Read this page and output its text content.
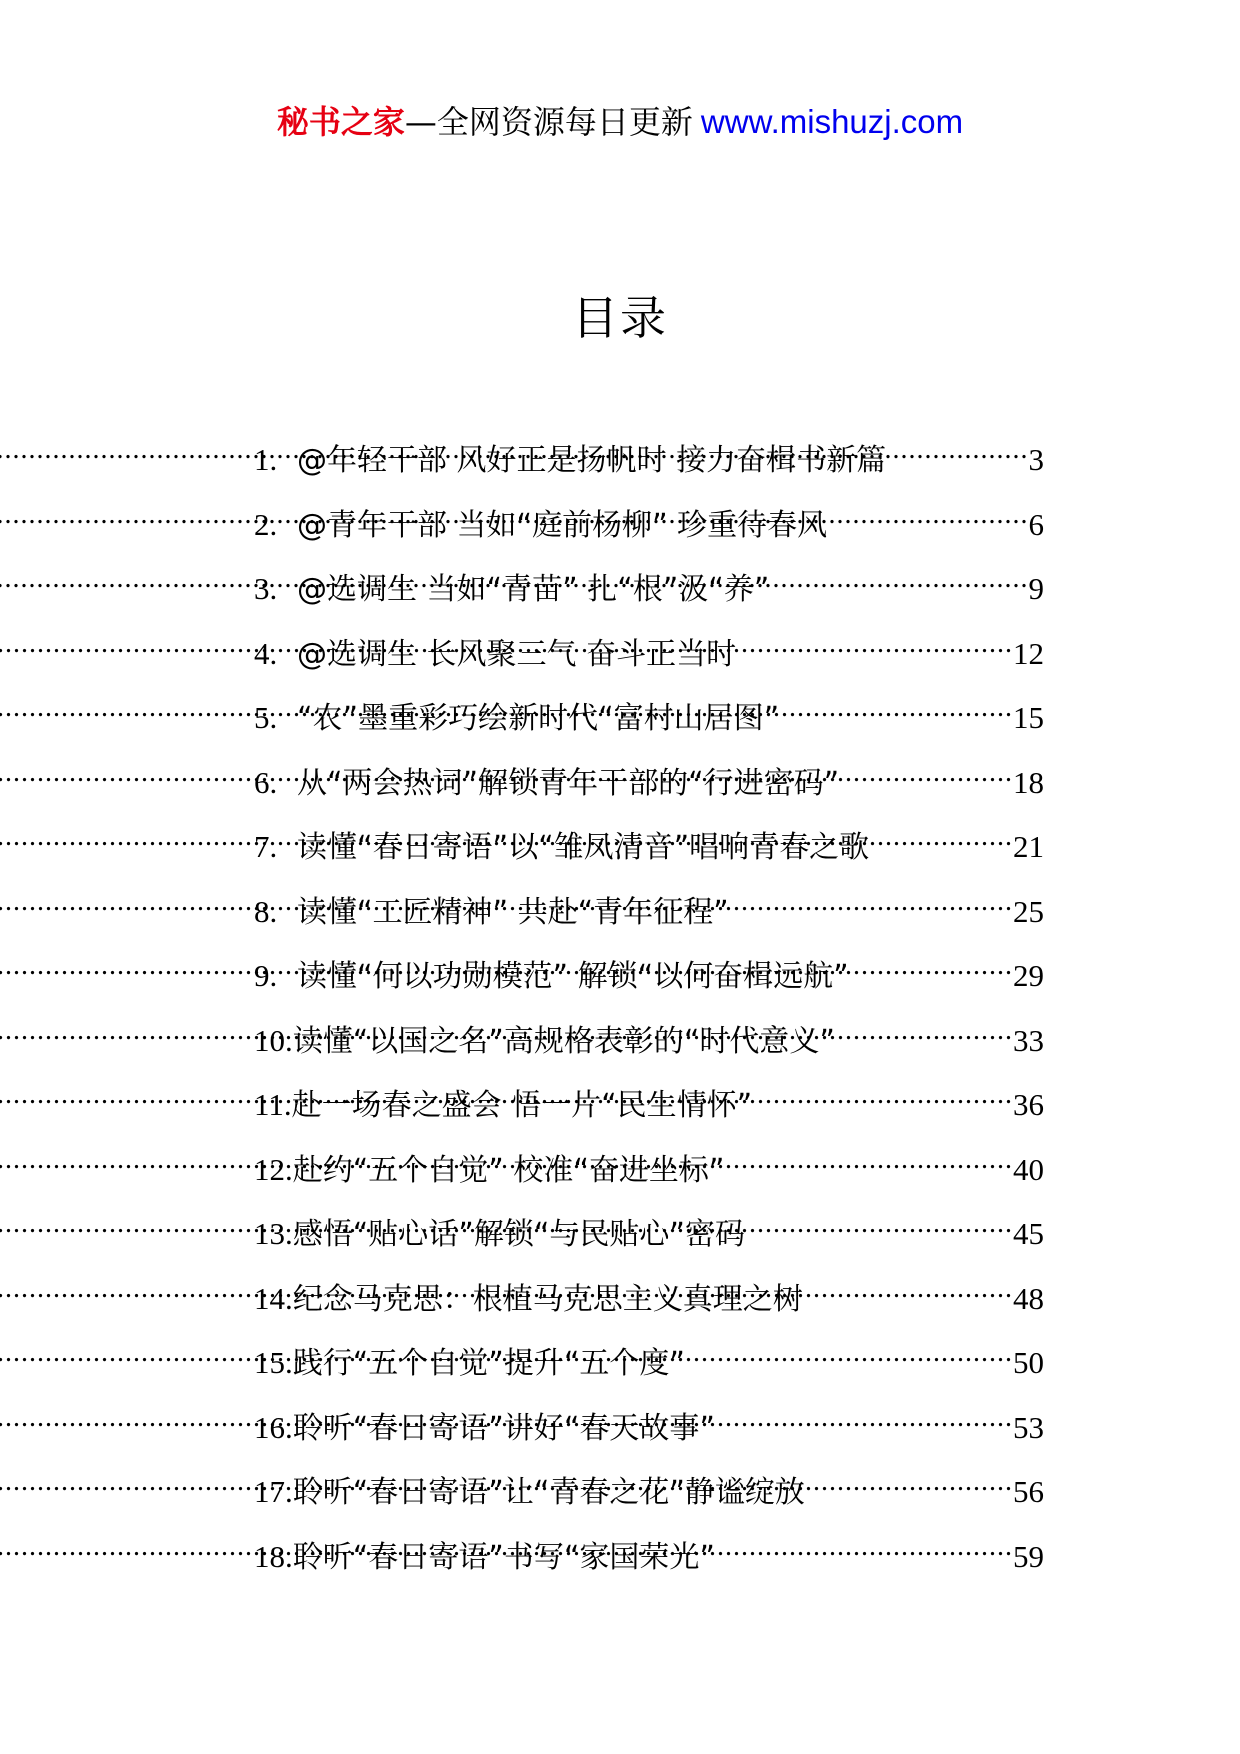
秘书之家—全网资源每日更新 www.mishuzj.com
目录
1. @年轻干部 风好正是扬帆时 接力奋楫书新篇 .....	3
2. @青年干部 当如“庭前杨柳” 珍重待春风 .....	6
3. @选调生 当如“青苗” 扎“根”汲“养” .....	9
4. @选调生 长风聚三气 奋斗正当时 .....	12
5. “农”墨重彩巧绘新时代“富村山居图” .....	15
6. 从“两会热词”解锁青年干部的“行进密码” .....	18
7. 读懂“春日寄语”以“雏凤清音”唱响青春之歌 .....	21
8. 读懂“工匠精神” 共赴“青年征程” .....	25
9. 读懂“何以功勋模范” 解锁“以何奋楫远航” .....	29
10. 读懂“以国之名”高规格表彰的“时代意义” .....	33
11. 赴一场春之盛会 悟一片“民生情怀” .....	36
12. 赴约“五个自觉” 校准“奋进坐标” .....	40
13. 感悟“贴心话”解锁“与民贴心”密码 .....	45
14. 纪念马克思：根植马克思主义真理之树 .....	48
15. 践行“五个自觉”提升“五个度” .....	50
16. 聆听“春日寄语”讲好“春天故事” .....	53
17. 聆听“春日寄语”让“青春之花”静谧绽放 .....	56
18. 聆听“春日寄语”书写“家国荣光” .....	59
